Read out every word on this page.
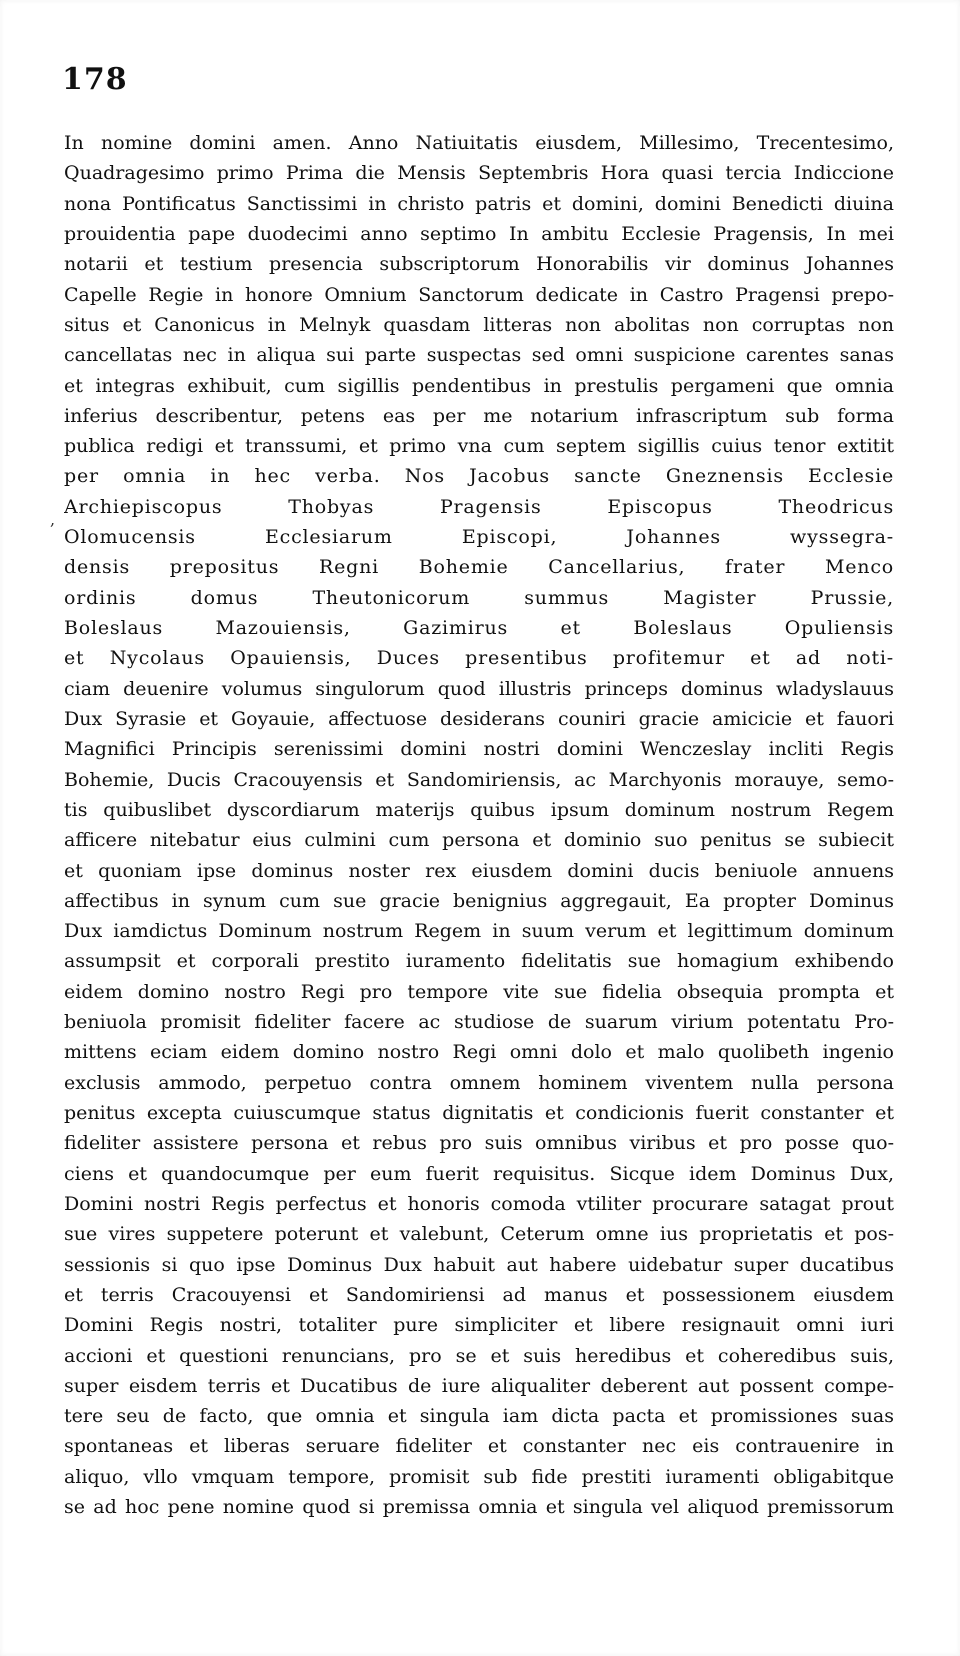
178
,
In nomine domini amen. Anno Natiuitatis eiusdem, Millesimo, Trecentesimo,
Quadragesimo primo Prima die Mensis Septembris Hora quasi tercia Indiccione
nona Pontificatus Sanctissimi in christo patris et domini, domini Benedicti diuina
prouidentia pape duodecimi anno septimo In ambitu Ecclesie Pragensis, In mei
notarii et testium presencia subscriptorum Honorabilis vir dominus Johannes
Capelle Regie in honore Omnium Sanctorum dedicate in Castro Pragensi prepo-
situs et Canonicus in Melnyk quasdam litteras non abolitas non corruptas non
cancellatas nec in aliqua sui parte suspectas sed omni suspicione carentes sanas
et integras exhibuit, cum sigillis pendentibus in prestulis pergameni que omnia
inferius describentur, petens eas per me notarium infrascriptum sub forma
publica redigi et transsumi, et primo vna cum septem sigillis cuius tenor extitit
per omnia in hec verba. Nos Jacobus sancte Gneznensis Ecclesie
Archiepiscopus Thobyas Pragensis Episcopus Theodricus
Olomucensis Ecclesiarum Episcopi, Johannes wyssegra-
densis prepositus Regni Bohemie Cancellarius, frater Menco
ordinis domus Theutonicorum summus Magister Prussie,
Boleslaus Mazouiensis, Gazimirus et Boleslaus Opuliensis
et Nycolaus Opauiensis, Duces presentibus profitemur et ad noti-
ciam deuenire volumus singulorum quod illustris princeps dominus wladyslauus
Dux Syrasie et Goyauie, affectuose desiderans couniri gracie amicicie et fauori
Magnifici Principis serenissimi domini nostri domini Wenczeslay incliti Regis
Bohemie, Ducis Cracouyensis et Sandomiriensis, ac Marchyonis morauye, semo-
tis quibuslibet dyscordiarum materijs quibus ipsum dominum nostrum Regem
afficere nitebatur eius culmini cum persona et dominio suo penitus se subiecit
et quoniam ipse dominus noster rex eiusdem domini ducis beniuole annuens
affectibus in synum cum sue gracie benignius aggregauit, Ea propter Dominus
Dux iamdictus Dominum nostrum Regem in suum verum et legittimum dominum
assumpsit et corporali prestito iuramento fidelitatis sue homagium exhibendo
eidem domino nostro Regi pro tempore vite sue fidelia obsequia prompta et
beniuola promisit fideliter facere ac studiose de suarum virium potentatu Pro-
mittens eciam eidem domino nostro Regi omni dolo et malo quolibeth ingenio
exclusis ammodo, perpetuo contra omnem hominem viventem nulla persona
penitus excepta cuiuscumque status dignitatis et condicionis fuerit constanter et
fideliter assistere persona et rebus pro suis omnibus viribus et pro posse quo-
ciens et quandocumque per eum fuerit requisitus. Sicque idem Dominus Dux,
Domini nostri Regis perfectus et honoris comoda vtiliter procurare satagat prout
sue vires suppetere poterunt et valebunt, Ceterum omne ius proprietatis et pos-
sessionis si quo ipse Dominus Dux habuit aut habere uidebatur super ducatibus
et terris Cracouyensi et Sandomiriensi ad manus et possessionem eiusdem
Domini Regis nostri, totaliter pure simpliciter et libere resignauit omni iuri
accioni et questioni renuncians, pro se et suis heredibus et coheredibus suis,
super eisdem terris et Ducatibus de iure aliqualiter deberent aut possent compe-
tere seu de facto, que omnia et singula iam dicta pacta et promissiones suas
spontaneas et liberas seruare fideliter et constanter nec eis contrauenire in
aliquo, vllo vmquam tempore, promisit sub fide prestiti iuramenti obligabitque
se ad hoc pene nomine quod si premissa omnia et singula vel aliquod premissorum
